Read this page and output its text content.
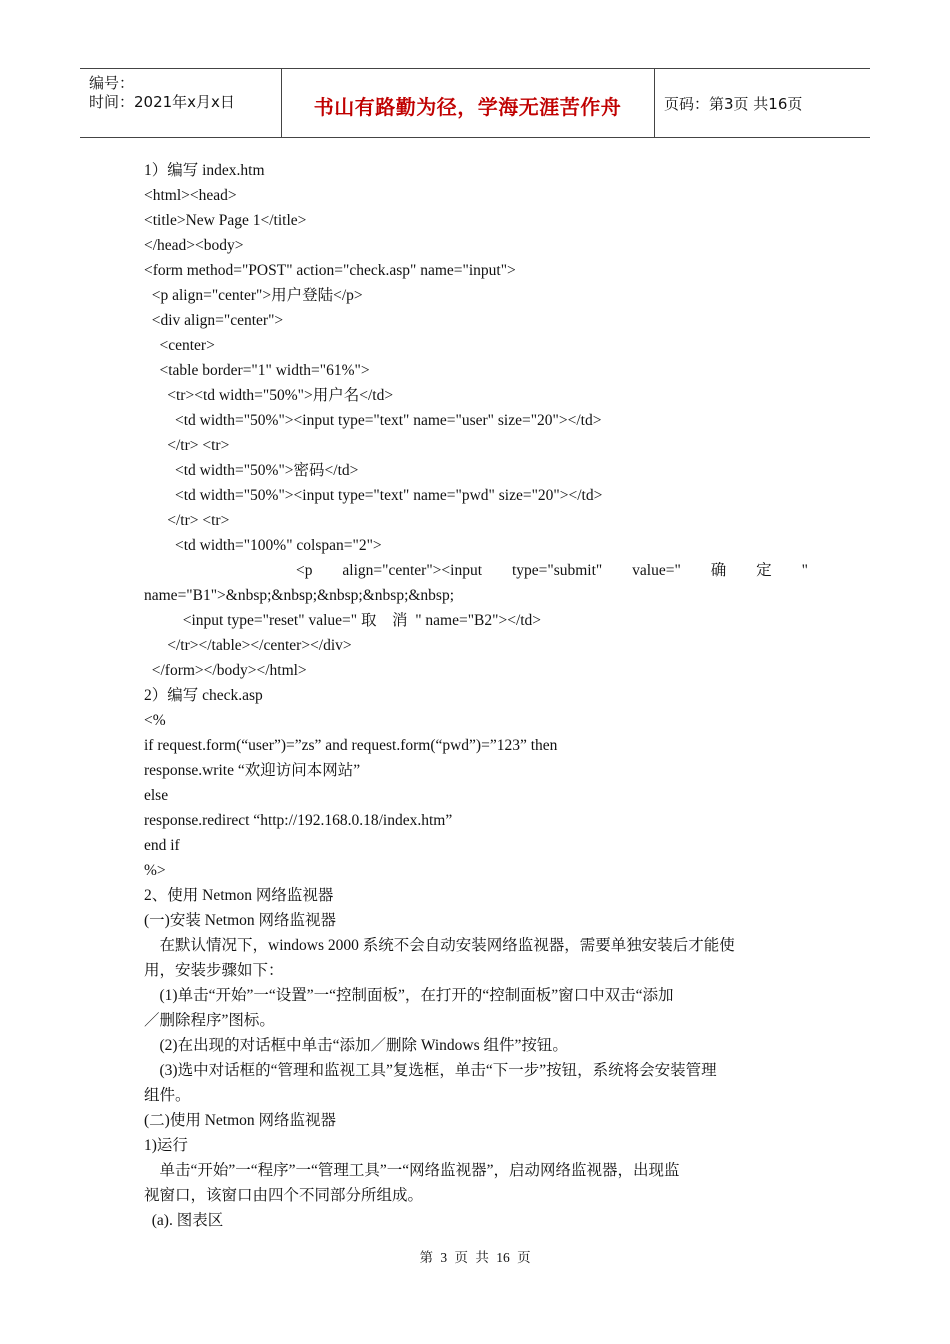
编号：
时间：2021年x月x日	书山有路勤为径，学海无涯苦作舟	页码：第3页 共16页
1）编写 index.htm
<html><head>
<title>New Page 1</title>
</head><body>
<form method="POST" action="check.asp" name="input">
<p align="center">用户登陆</p>
<div align="center">
<center>
<table border="1" width="61%">
<tr><td width="50%">用户名</td>
<td width="50%"><input type="text" name="user" size="20"></td>
</tr> <tr>
<td width="50%">密码</td>
<td width="50%"><input type="text" name="pwd" size="20"></td>
</tr> <tr>
<td width="100%" colspan="2">
<p align="center"><input type="submit" value=" 确 定 "
name="B1">&nbsp;&nbsp;&nbsp;&nbsp;&nbsp;
<input type="reset" value=" 取    消  " name="B2"></td>
</tr></table></center></div>
</form></body></html>
2）编写 check.asp
<%
if request.form(“user”)=”zs” and request.form(“pwd”)=”123” then
response.write “欢迎访问本网站”
else
response.redirect “http://192.168.0.18/index.htm”
end if
%>
2、使用 Netmon 网络监视器
(一)安装 Netmon 网络监视器
在默认情况下，windows 2000 系统不会自动安装网络监视器，需要单独安装后才能使
用，安装步骤如下：
(1)单击“开始”一“设置”一“控制面板”，在打开的“控制面板”窗口中双击“添加
／删除程序”图标。
(2)在出现的对话框中单击“添加／删除 Windows 组件”按钮。
(3)选中对话框的“管理和监视工具”复选框，单击“下一步”按钮，系统将会安装管理
组件。
(二)使用 Netmon 网络监视器
1)运行
单击“开始”一“程序”一“管理工具”一“网络监视器”，启动网络监视器，出现监
视窗口，该窗口由四个不同部分所组成。
(a). 图表区
第 3 页 共 16 页
